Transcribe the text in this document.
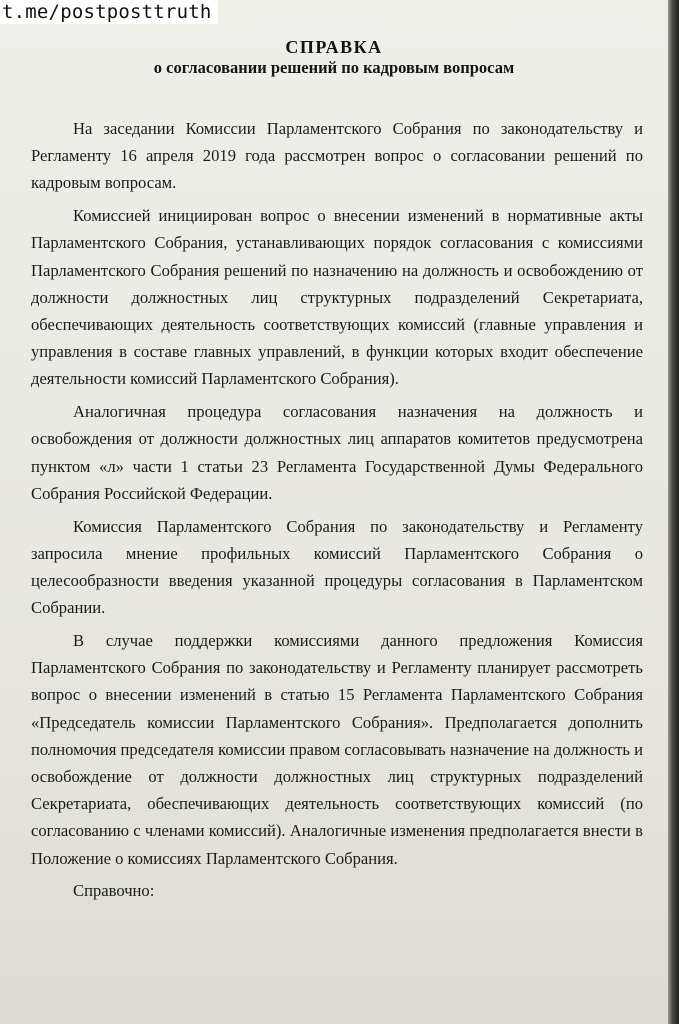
СПРАВКА
о согласовании решений по кадровым вопросам

На заседании Комиссии Парламентского Собрания по законодательству и Регламенту 16 апреля 2019 года рассмотрен вопрос о согласовании решений по кадровым вопросам.

Комиссией инициирован вопрос о внесении изменений в нормативные акты Парламентского Собрания, устанавливающих порядок согласования с комиссиями Парламентского Собрания решений по назначению на должность и освобождению от должности должностных лиц структурных подразделений Секретариата, обеспечивающих деятельность соответствующих комиссий (главные управления и управления в составе главных управлений, в функции которых входит обеспечение деятельности комиссий Парламентского Собрания).

Аналогичная процедура согласования назначения на должность и освобождения от должности должностных лиц аппаратов комитетов предусмотрена пунктом «л» части 1 статьи 23 Регламента Государственной Думы Федерального Собрания Российской Федерации.

Комиссия Парламентского Собрания по законодательству и Регламенту запросила мнение профильных комиссий Парламентского Собрания о целесообразности введения указанной процедуры согласования в Парламентском Собрании.

В случае поддержки комиссиями данного предложения Комиссия Парламентского Собрания по законодательству и Регламенту планирует рассмотреть вопрос о внесении изменений в статью 15 Регламента Парламентского Собрания «Председатель комиссии Парламентского Собрания». Предполагается дополнить полномочия председателя комиссии правом согласовывать назначение на должность и освобождение от должности должностных лиц структурных подразделений Секретариата, обеспечивающих деятельность соответствующих комиссий (по согласованию с членами комиссий). Аналогичные изменения предполагается внести в Положение о комиссиях Парламентского Собрания.

Справочно:

t.me/postposttruth
